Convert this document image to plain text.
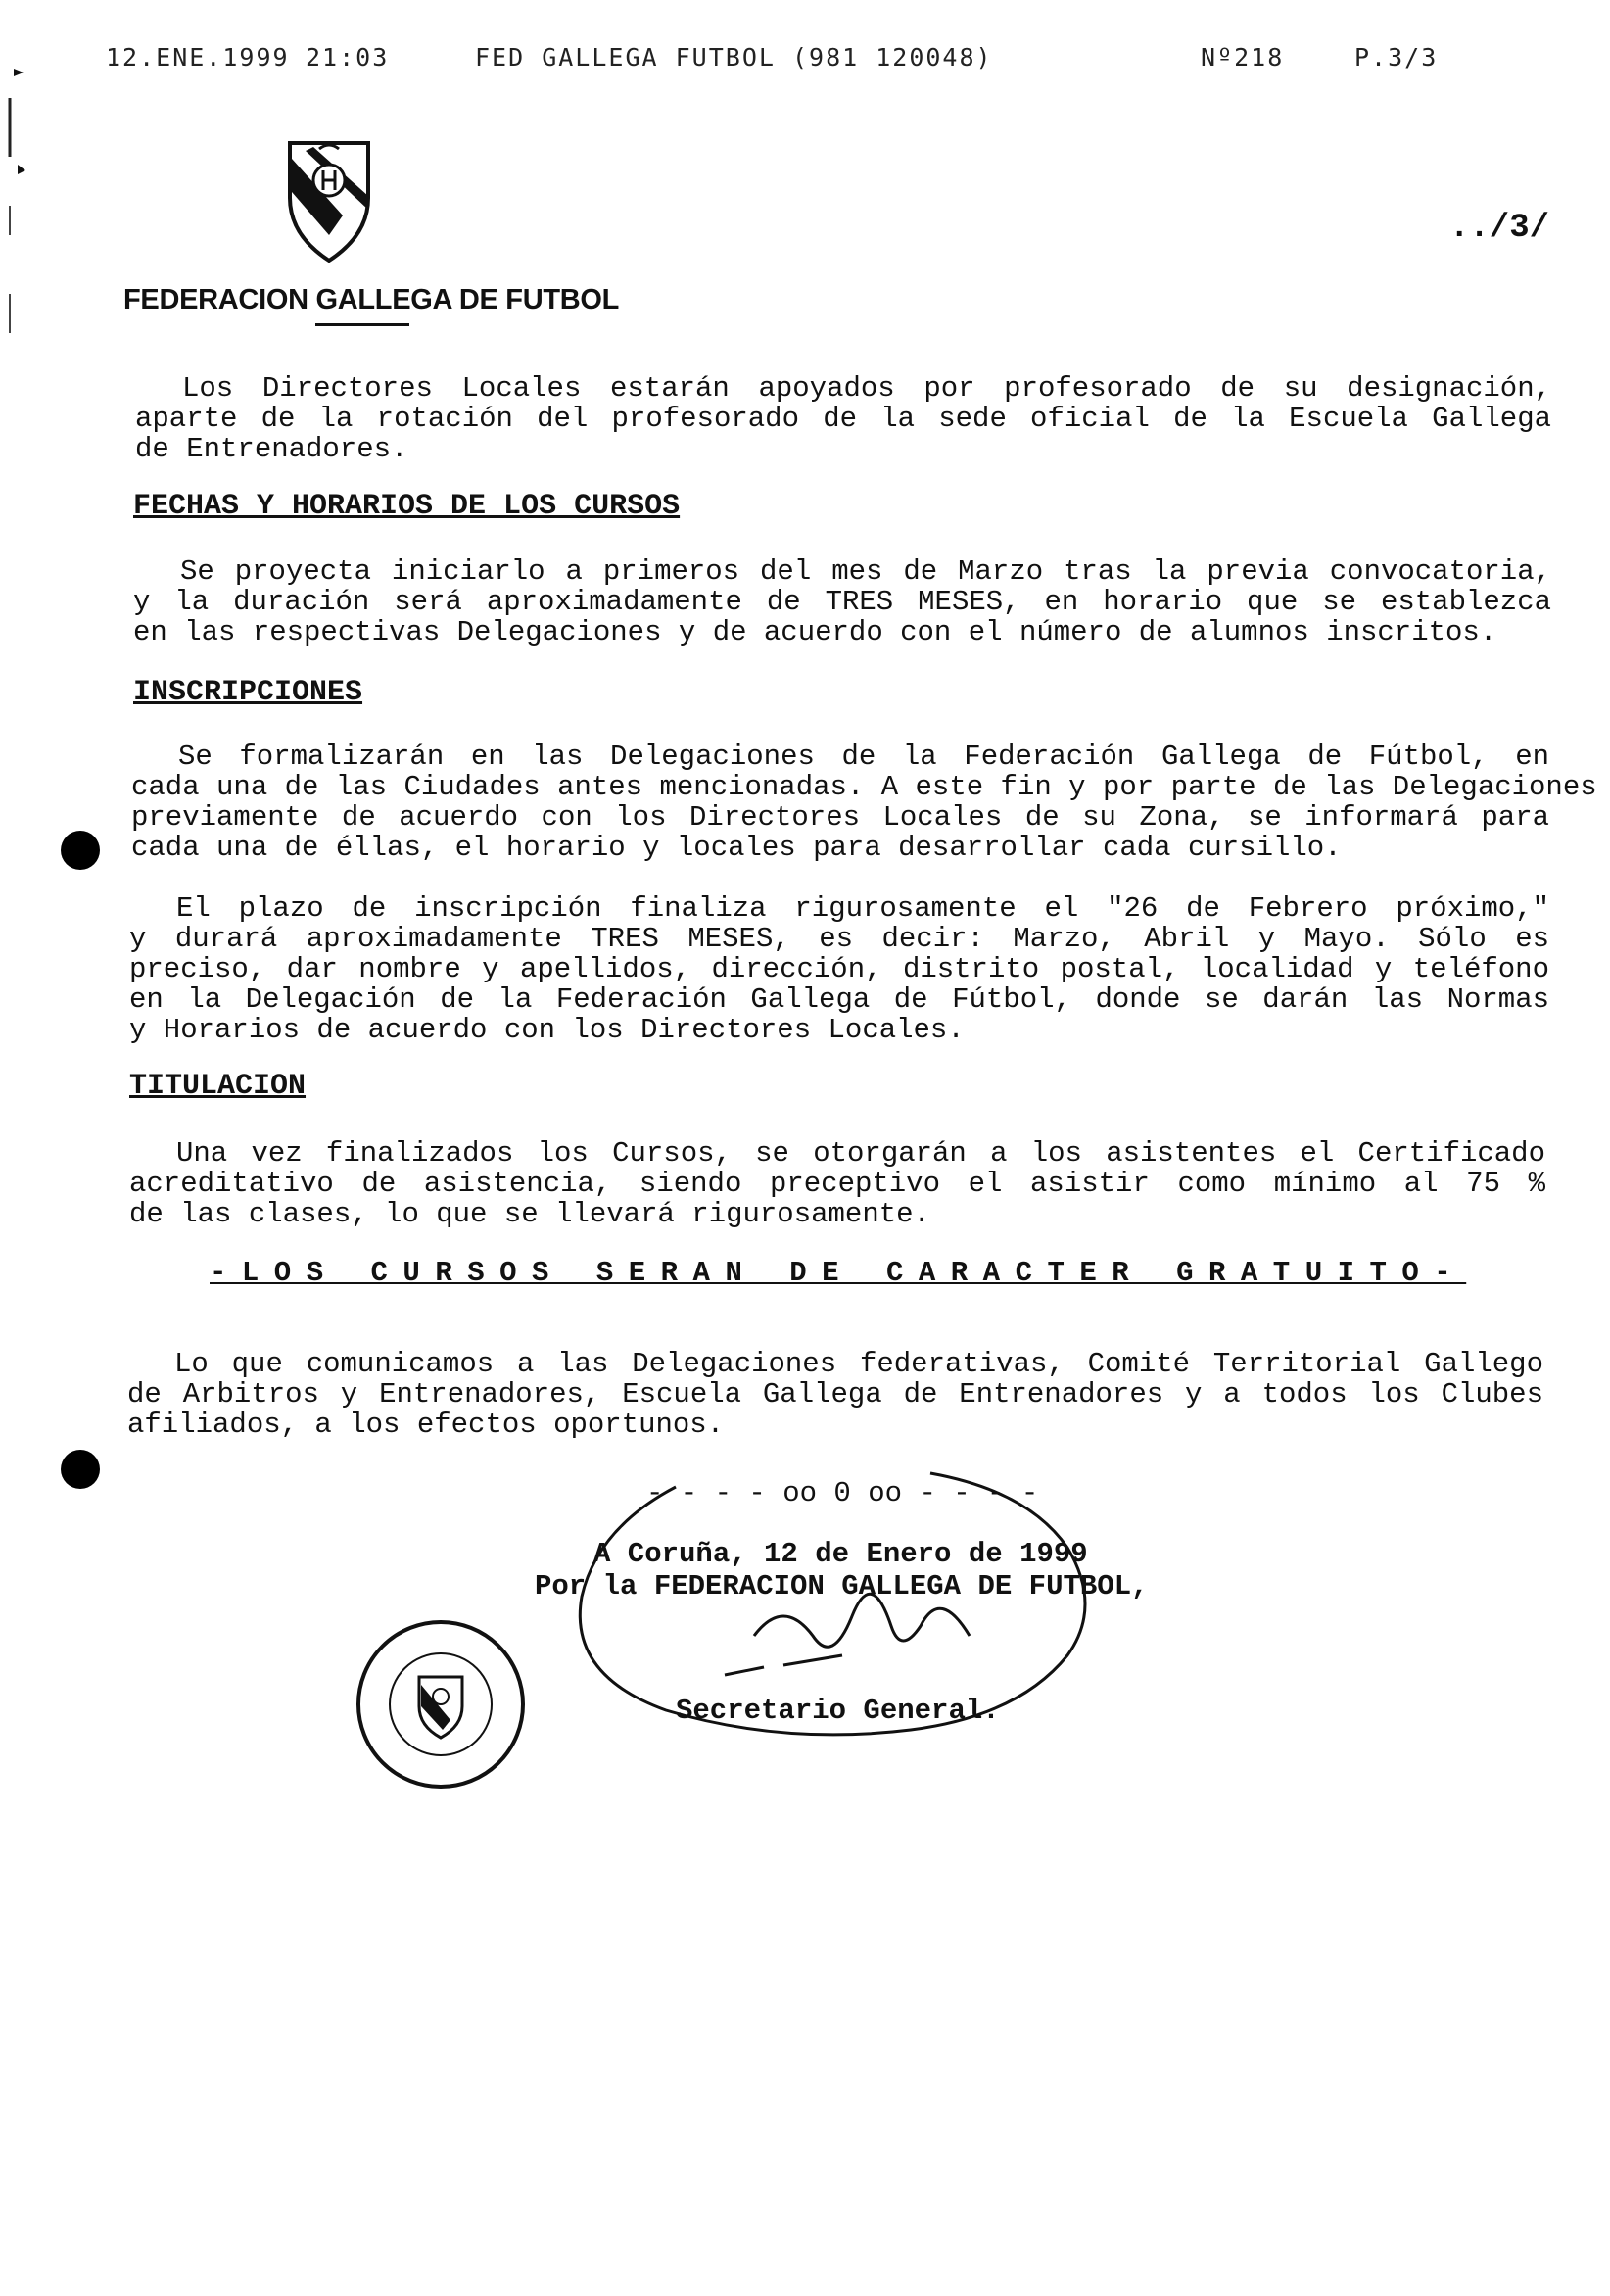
12.ENE.1999 21:03	FED GALLEGA FUTBOL (981 120048)	Nº218	P.3/3
../3/
FEDERACION GALLEGA DE FUTBOL
Los Directores Locales estarán apoyados por profesorado de su designación,
aparte de la rotación del profesorado de la sede oficial de la Escuela Gallega
de Entrenadores.
FECHAS Y HORARIOS DE LOS CURSOS
Se proyecta iniciarlo a primeros del mes de Marzo tras la previa convocatoria,
y la duración será aproximadamente de TRES MESES, en horario que se establezca
en las respectivas Delegaciones y de acuerdo con el número de alumnos inscritos.
INSCRIPCIONES
Se formalizarán en las Delegaciones de la Federación Gallega de Fútbol, en
cada una de las Ciudades antes mencionadas. A este fin y por parte de las Delegaciones
previamente de acuerdo con los Directores Locales de su Zona, se informará para
cada una de éllas, el horario y locales para desarrollar cada cursillo.
El plazo de inscripción finaliza rigurosamente el "26 de Febrero próximo,"
y durará aproximadamente TRES MESES, es decir: Marzo, Abril y Mayo. Sólo es
preciso, dar nombre y apellidos, dirección, distrito postal, localidad y teléfono
en la Delegación de la Federación Gallega de Fútbol, donde se darán las Normas
y Horarios de acuerdo con los Directores Locales.
TITULACION
Una vez finalizados los Cursos, se otorgarán a los asistentes el Certificado
acreditativo de asistencia, siendo preceptivo el asistir como mínimo al 75 %
de las clases, lo que se llevará rigurosamente.
-LOS CURSOS SERAN DE CARACTER GRATUITO-
Lo que comunicamos a las Delegaciones federativas, Comité Territorial Gallego
de Arbitros y Entrenadores, Escuela Gallega de Entrenadores y a todos los Clubes
afiliados, a los efectos oportunos.
- - - - oo 0 oo - - - -
A Coruña, 12 de Enero de 1999
Por la FEDERACION GALLEGA DE FUTBOL,
Secretario General.
